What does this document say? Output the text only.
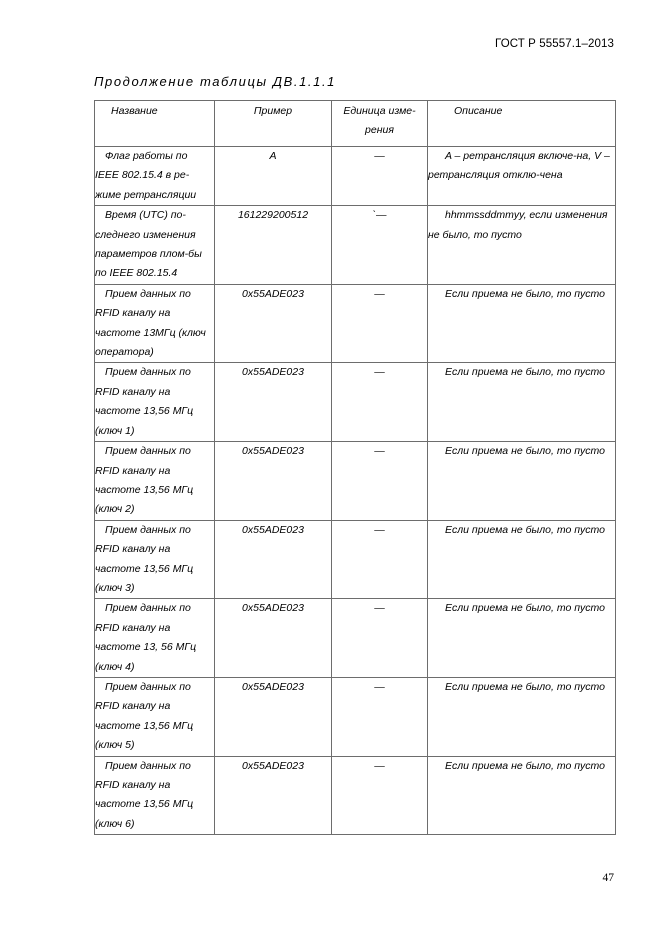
ГОСТ Р 55557.1–2013
Продолжение таблицы ДВ.1.1.1
Название	Пример	Единица изме-рения	Описание
Флаг работы по IEEE 802.15.4 в ре-жиме ретрансляции	A	—	A – ретрансляция включе-на, V – ретрансляция отклю-чена
Время (UTC) по-следнего изменения параметров плом-бы по IEEE 802.15.4	161229200512	`—	hhmmssddmmyy, если изменения не было, то пусто
Прием данных по RFID каналу на частоте 13МГц (ключ оператора)	0x55ADE023	—	Если приема не было, то пусто
Прием данных по RFID каналу на частоте 13,56 МГц (ключ 1)	0x55ADE023	—	Если приема не было, то пусто
Прием данных по RFID каналу на частоте 13,56 МГц (ключ 2)	0x55ADE023	—	Если приема не было, то пусто
Прием данных по RFID каналу на частоте 13,56 МГц (ключ 3)	0x55ADE023	—	Если приема не было, то пусто
Прием данных по RFID каналу на частоте 13, 56 МГц (ключ 4)	0x55ADE023	—	Если приема не было, то пусто
Прием данных по RFID каналу на частоте 13,56 МГц (ключ 5)	0x55ADE023	—	Если приема не было, то пусто
Прием данных по RFID каналу на частоте 13,56 МГц (ключ 6)	0x55ADE023	—	Если приема не было, то пусто
47
